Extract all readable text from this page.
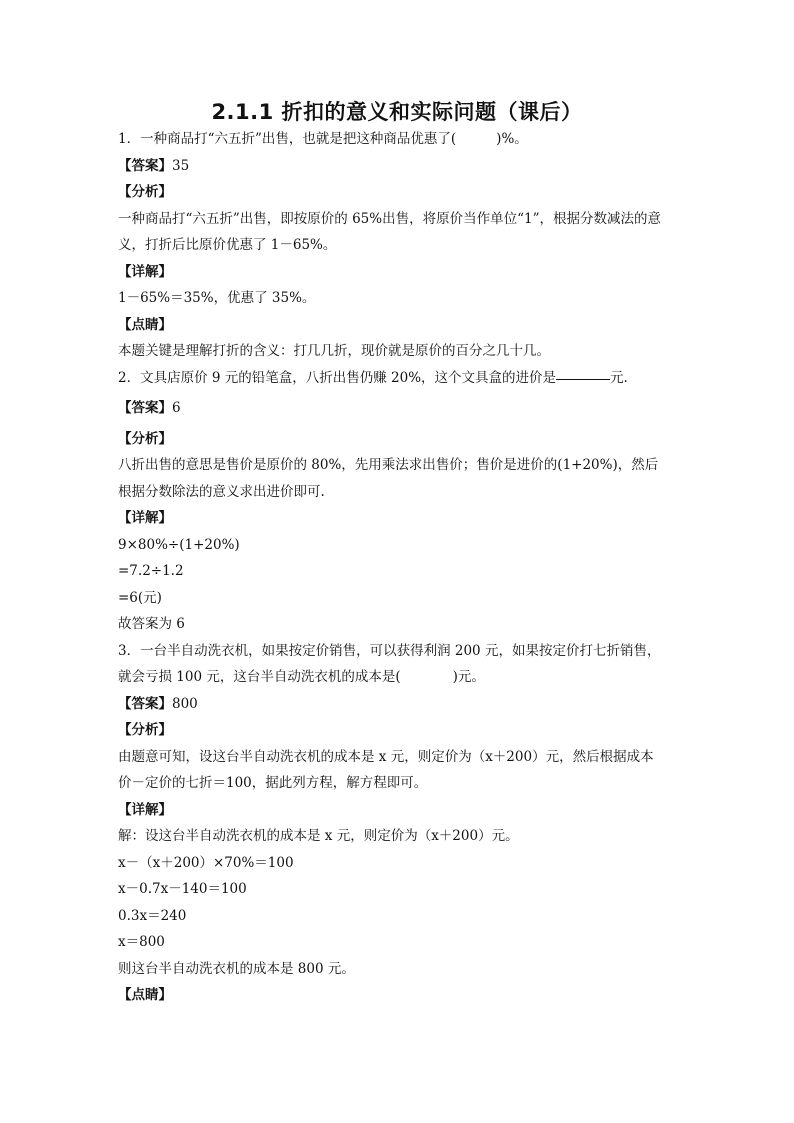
2.1.1 折扣的意义和实际问题（课后）
1．一种商品打“六五折”出售，也就是把这种商品优惠了(	)%。
【答案】35
【分析】
一种商品打“六五折”出售，即按原价的 65%出售，将原价当作单位“1”，根据分数减法的意
义，打折后比原价优惠了 1－65%。
【详解】
1－65%＝35%，优惠了 35%。
【点睛】
本题关键是理解打折的含义：打几几折，现价就是原价的百分之几十几。
2．文具店原价 9 元的铅笔盒，八折出售仍赚 20%，这个文具盒的进价是	元.
【答案】6
【分析】
八折出售的意思是售价是原价的 80%，先用乘法求出售价；售价是进价的(1+20%)，然后
根据分数除法的意义求出进价即可.
【详解】
9×80%÷(1+20%)
=7.2÷1.2
=6(元)
故答案为 6
3．一台半自动洗衣机，如果按定价销售，可以获得利润 200 元，如果按定价打七折销售，
就会亏损 100 元，这台半自动洗衣机的成本是(	)元。
【答案】800
【分析】
由题意可知，设这台半自动洗衣机的成本是 x 元，则定价为（x＋200）元，然后根据成本
价－定价的七折＝100，据此列方程，解方程即可。
【详解】
解：设这台半自动洗衣机的成本是 x 元，则定价为（x＋200）元。
x－（x＋200）×70%＝100
x－0.7x－140＝100
0.3x＝240
x＝800
则这台半自动洗衣机的成本是 800 元。
【点睛】
